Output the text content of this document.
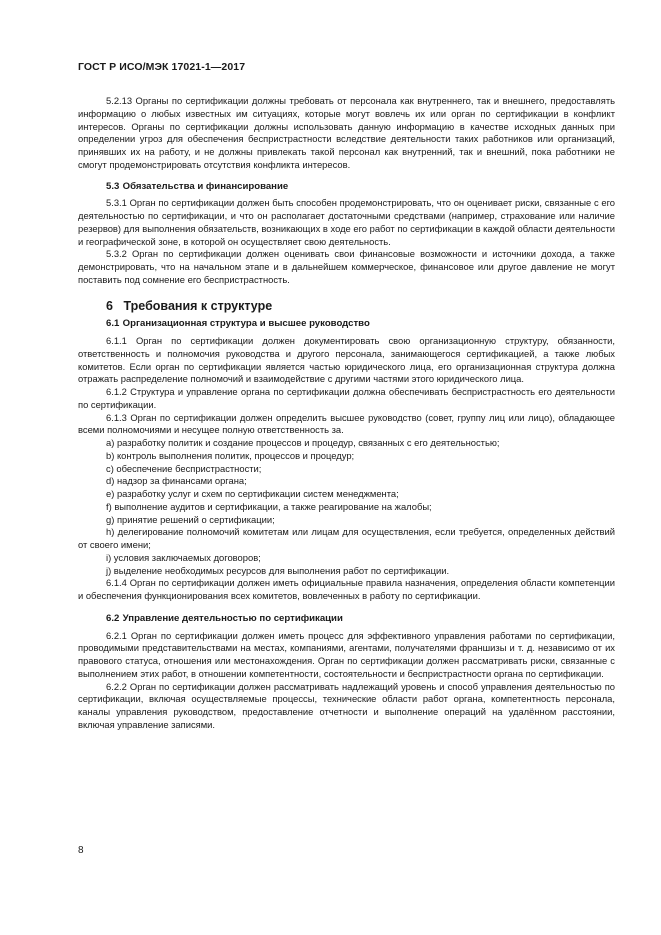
ГОСТ Р ИСО/МЭК 17021-1—2017

5.2.13 Органы по сертификации должны требовать от персонала как внутреннего, так и внешнего, предоставлять информацию о любых известных им ситуациях, которые могут вовлечь их или орган по сертификации в конфликт интересов. Органы по сертификации должны использовать данную информацию в качестве исходных данных при определении угроз для обеспечения беспристрастности вследствие деятельности таких работников или организаций, принявших их на работу, и не должны привлекать такой персонал как внутренний, так и внешний, пока работники не смогут продемонстрировать отсутствия конфликта интересов.

5.3 Обязательства и финансирование

5.3.1 Орган по сертификации должен быть способен продемонстрировать, что он оценивает риски, связанные с его деятельностью по сертификации, и что он располагает достаточными средствами (например, страхование или наличие резервов) для выполнения обязательств, возникающих в ходе его работ по сертификации в каждой области деятельности и географической зоне, в которой он осуществляет свою деятельность.

5.3.2 Орган по сертификации должен оценивать свои финансовые возможности и источники дохода, а также демонстрировать, что на начальном этапе и в дальнейшем коммерческое, финансовое или другое давление не могут поставить под сомнение его беспристрастность.

6 Требования к структуре
6.1 Организационная структура и высшее руководство

6.1.1 Орган по сертификации должен документировать свою организационную структуру, обязанности, ответственность и полномочия руководства и другого персонала, занимающегося сертификацией, а также любых комитетов. Если орган по сертификации является частью юридического лица, его организационная структура должна отражать распределение полномочий и взаимодействие с другими частями этого юридического лица.

6.1.2 Структура и управление органа по сертификации должна обеспечивать беспристрастность его деятельности по сертификации.

6.1.3 Орган по сертификации должен определить высшее руководство (совет, группу лиц или лицо), обладающее всеми полномочиями и несущее полную ответственность за.

a) разработку политик и создание процессов и процедур, связанных с его деятельностью;

b) контроль выполнения политик, процессов и процедур;

c) обеспечение беспристрастности;

d) надзор за финансами органа;

e) разработку услуг и схем по сертификации систем менеджмента;

f) выполнение аудитов и сертификации, а также реагирование на жалобы;

g) принятие решений о сертификации;

h) делегирование полномочий комитетам или лицам для осуществления, если требуется, определенных действий от своего имени;

i) условия заключаемых договоров;

j) выделение необходимых ресурсов для выполнения работ по сертификации.

6.1.4 Орган по сертификации должен иметь официальные правила назначения, определения области компетенции и обеспечения функционирования всех комитетов, вовлеченных в работу по сертификации.

6.2 Управление деятельностью по сертификации

6.2.1 Орган по сертификации должен иметь процесс для эффективного управления работами по сертификации, проводимыми представительствами на местах, компаниями, агентами, получателями франшизы и т. д. независимо от их правового статуса, отношения или местонахождения. Орган по сертификации должен рассматривать риски, связанные с выполнением этих работ, в отношении компетентности, состоятельности и беспристрастности органа по сертификации.

6.2.2 Орган по сертификации должен рассматривать надлежащий уровень и способ управления деятельностью по сертификации, включая осуществляемые процессы, технические области работ органа, компетентность персонала, каналы управления руководством, предоставление отчетности и выполнение операций на удалённом расстоянии, включая управление записями.

8
